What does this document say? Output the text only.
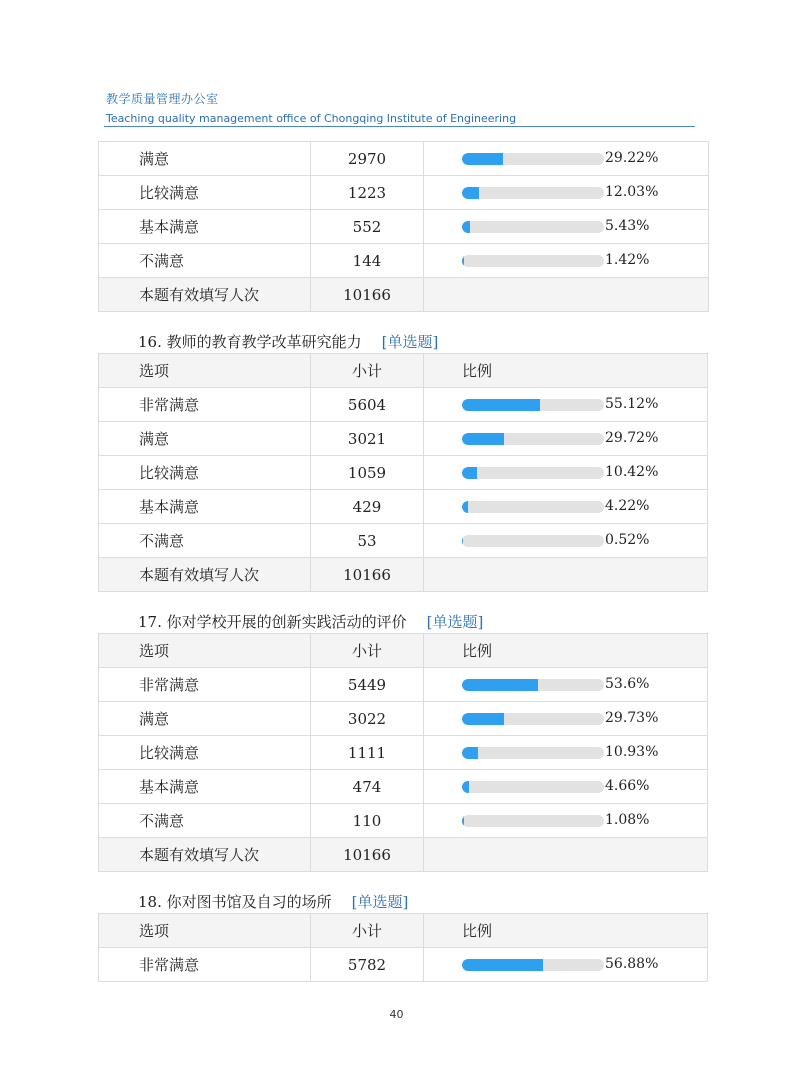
教学质量管理办公室
Teaching quality management office of Chongqing Institute of Engineering
满意	2970	29.22%

比较满意	1223	12.03%

基本满意	552	5.43%

不满意	144	1.42%

本题有效填写人次	10166	
16. 教师的教育教学改革研究能力 [单选题]
选项	小计	比例
非常满意	5604	55.12%

满意	3021	29.72%

比较满意	1059	10.42%

基本满意	429	4.22%

不满意	53	0.52%

本题有效填写人次	10166	
17. 你对学校开展的创新实践活动的评价 [单选题]
选项	小计	比例
非常满意	5449	53.6%

满意	3022	29.73%

比较满意	1111	10.93%

基本满意	474	4.66%

不满意	110	1.08%

本题有效填写人次	10166	
18. 你对图书馆及自习的场所 [单选题]
选项	小计	比例
非常满意	5782	56.88%
40
